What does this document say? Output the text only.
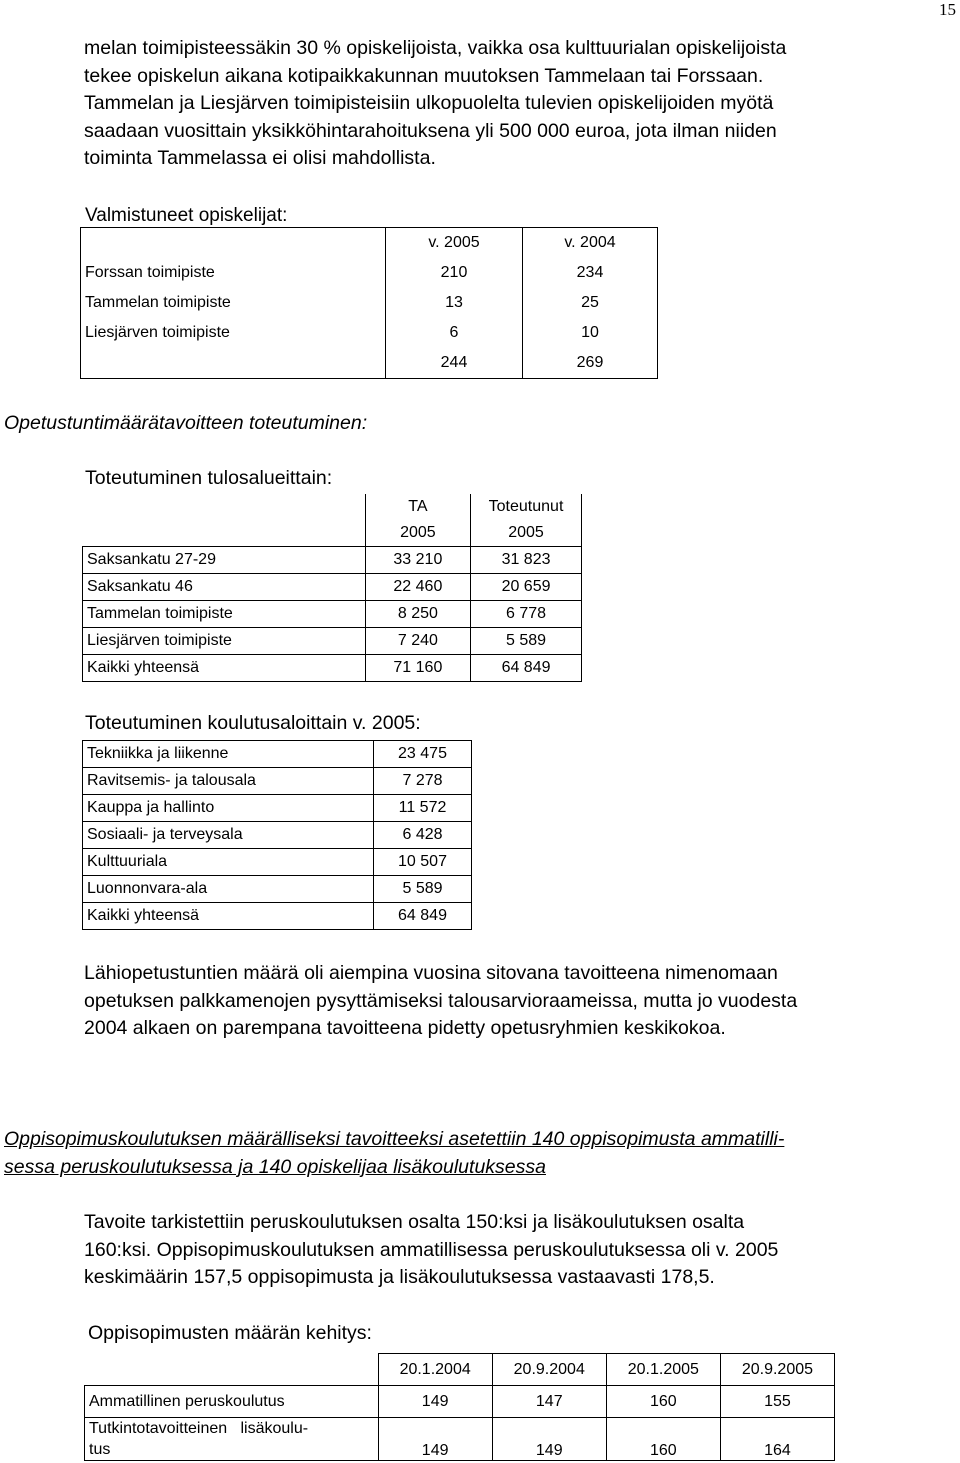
15
melan toimipisteessäkin 30 % opiskelijoista, vaikka osa kulttuurialan opiskelijoista
tekee opiskelun aikana kotipaikkakunnan muutoksen Tammelaan tai Forssaan.
Tammelan ja Liesjärven toimipisteisiin ulkopuolelta tulevien opiskelijoiden myötä
saadaan vuosittain yksikköhintarahoituksena yli 500 000 euroa, jota ilman niiden
toiminta Tammelassa ei olisi mahdollista.
Valmistuneet opiskelijat:
	v. 2005	v. 2004
Forssan toimipiste	210	234
Tammelan toimipiste	13	25
Liesjärven toimipiste	6	10
	244	269
Opetustuntimäärätavoitteen toteutuminen:
Toteutuminen tulosalueittain:
	TA	Toteutunut
	2005	2005
Saksankatu 27-29	33 210	31 823
Saksankatu 46	22 460	20 659
Tammelan toimipiste	8 250	6 778
Liesjärven toimipiste	7 240	5 589
Kaikki yhteensä	71 160	64 849
Toteutuminen koulutusaloittain v. 2005:
Tekniikka ja liikenne	23 475
Ravitsemis- ja talousala	7 278
Kauppa ja hallinto	11 572
Sosiaali- ja terveysala	6 428
Kulttuuriala	10 507
Luonnonvara-ala	5 589
Kaikki yhteensä	64 849
Lähiopetustuntien määrä oli aiempina vuosina sitovana tavoitteena nimenomaan
opetuksen palkkamenojen pysyttämiseksi talousarvioraameissa, mutta jo vuodesta
2004 alkaen on parempana tavoitteena pidetty opetusryhmien keskikokoa.
Oppisopimuskoulutuksen määrälliseksi tavoitteeksi asetettiin 140 oppisopimusta ammatilli-
sessa peruskoulutuksessa ja 140 opiskelijaa lisäkoulutuksessa
Tavoite tarkistettiin peruskoulutuksen osalta 150:ksi ja lisäkoulutuksen osalta
160:ksi. Oppisopimuskoulutuksen ammatillisessa peruskoulutuksessa oli v. 2005
keskimäärin 157,5 oppisopimusta ja lisäkoulutuksessa vastaavasti 178,5.
Oppisopimusten määrän kehitys:
	20.1.2004	20.9.2004	20.1.2005	20.9.2005
Ammatillinen peruskoulutus	149	147	160	155

Tutkintotavoitteinen   lisäkoulu-
tus	149	149	160	164
